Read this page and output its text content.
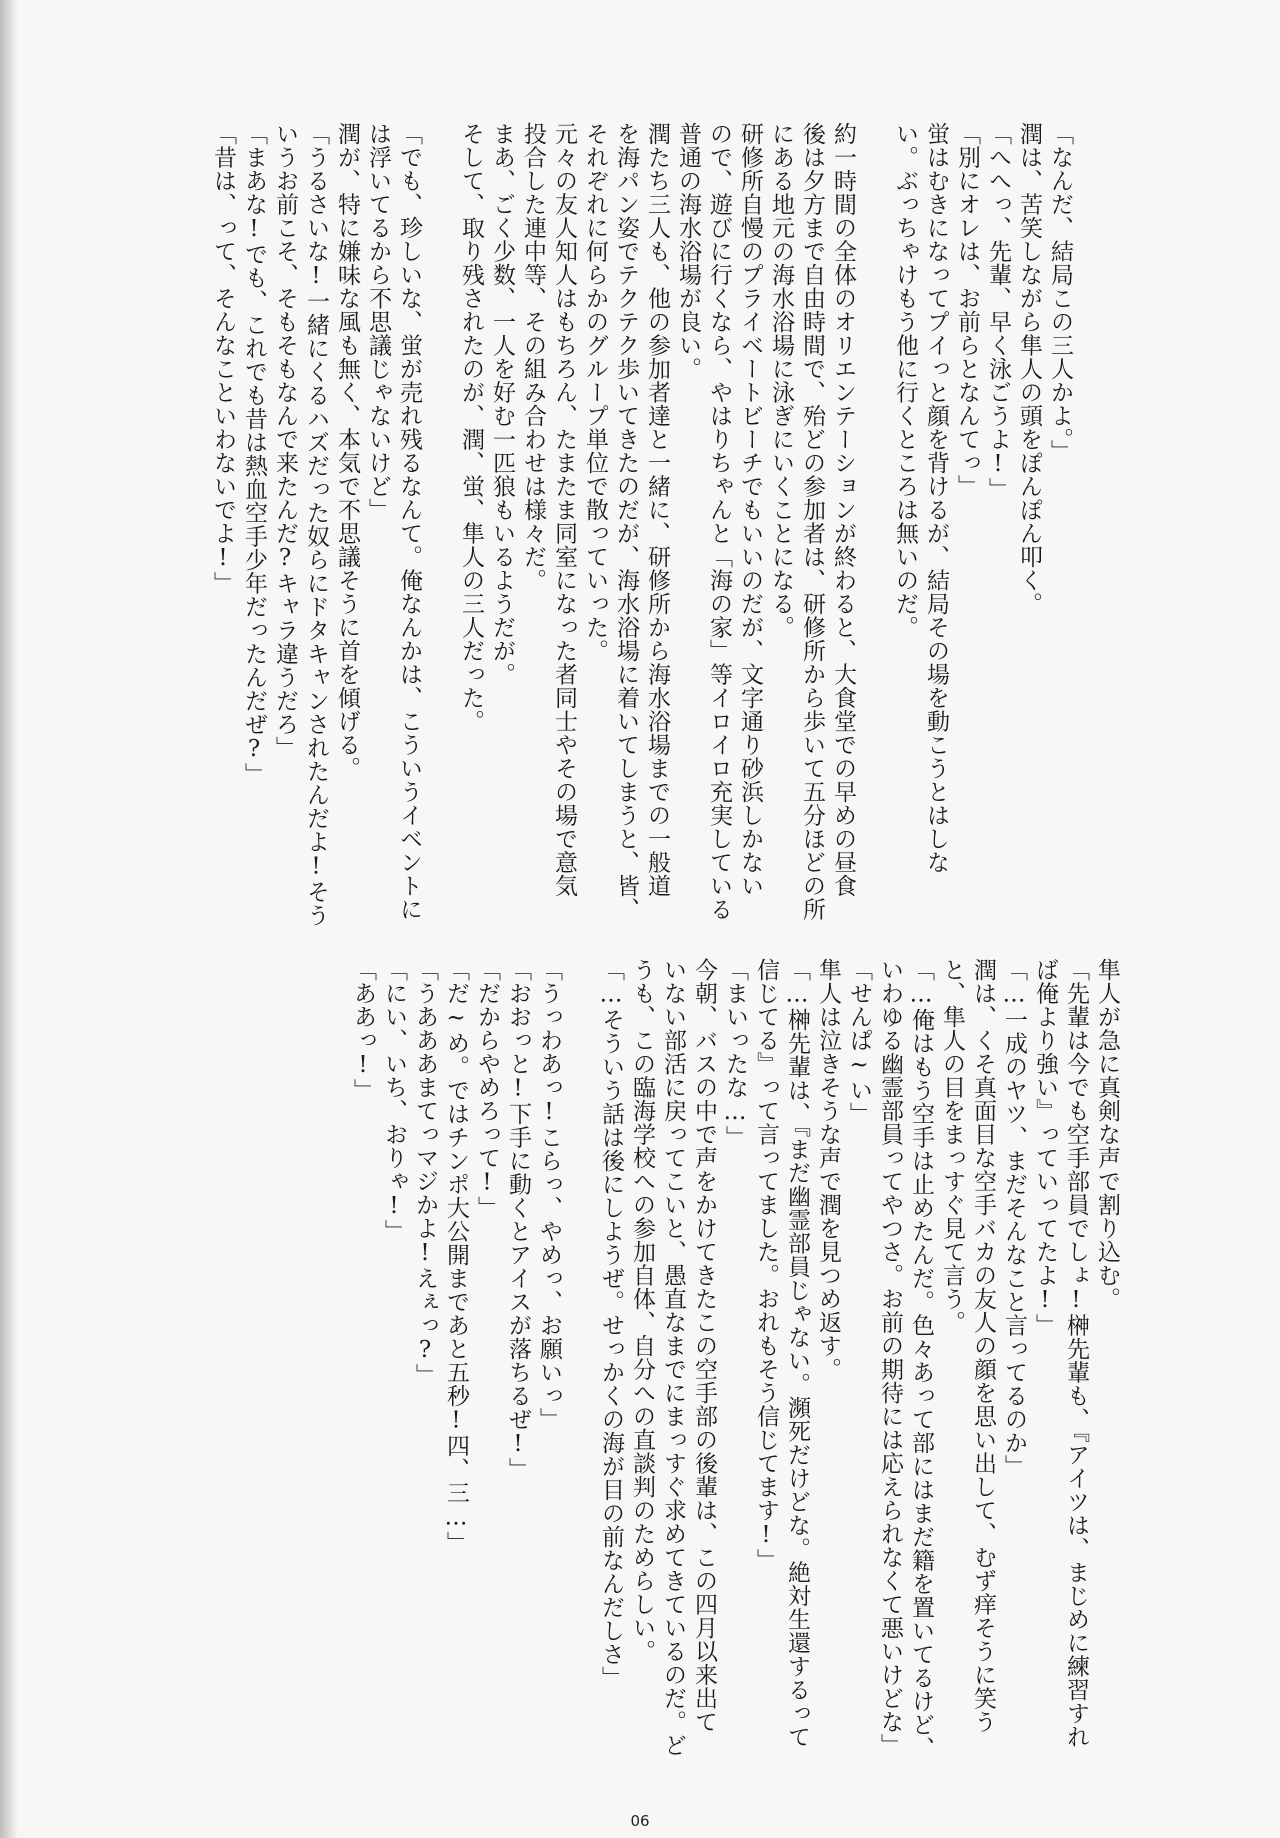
「なんだ、結局この三人かよ。」

潤は、苦笑しながら隼人の頭をぽんぽん叩く。

「へへっ、先輩、早く泳ごうよ!」

「別にオレは、お前らとなんてっ」

蛍はむきになってプイっと顔を背けるが、結局その場を動こうとはしな

い。ぶっちゃけもう他に行くところは無いのだ。

約一時間の全体のオリエンテーションが終わると、大食堂での早めの昼食

後は夕方まで自由時間で、殆どの参加者は、研修所から歩いて五分ほどの所

にある地元の海水浴場に泳ぎにいくことになる。

研修所自慢のプライベートビーチでもいいのだが、文字通り砂浜しかない

ので、遊びに行くなら、やはりちゃんと「海の家」等イロイロ充実している

普通の海水浴場が良い。

潤たち三人も、他の参加者達と一緒に、研修所から海水浴場までの一般道

を海パン姿でテクテク歩いてきたのだが、海水浴場に着いてしまうと、皆、

それぞれに何らかのグループ単位で散っていった。

元々の友人知人はもちろん、たまたま同室になった者同士やその場で意気

投合した連中等、その組み合わせは様々だ。

まあ、ごく少数、一人を好む一匹狼もいるようだが。

そして、取り残されたのが、潤、蛍、隼人の三人だった。

「でも、珍しいな、蛍が売れ残るなんて。俺なんかは、こういうイベントに

は浮いてるから不思議じゃないけど」

潤が、特に嫌味な風も無く、本気で不思議そうに首を傾げる。

「うるさいな!一緒にくるハズだった奴らにドタキャンされたんだよ!そう

いうお前こそ、そもそもなんで来たんだ?キャラ違うだろ」

「まあな!でも、これでも昔は熱血空手少年だったんだぜ?」

「昔は、って、そんなこといわないでよ!」

隼人が急に真剣な声で割り込む。

「先輩は今でも空手部員でしょ!榊先輩も、『アイツは、まじめに練習すれ

ば俺より強い』っていってたよ!」

「…一成のヤツ、まだそんなこと言ってるのか」

潤は、くそ真面目な空手バカの友人の顔を思い出して、むず痒そうに笑う

と、隼人の目をまっすぐ見て言う。

「…俺はもう空手は止めたんだ。色々あって部にはまだ籍を置いてるけど、

いわゆる幽霊部員ってやつさ。お前の期待には応えられなくて悪いけどな」

「せんぱ~い」

隼人は泣きそうな声で潤を見つめ返す。

「…榊先輩は、『まだ幽霊部員じゃない。瀕死だけどな。絶対生還するって

信じてる』って言ってました。おれもそう信じてます!」

「まいったな…」

今朝、バスの中で声をかけてきたこの空手部の後輩は、この四月以来出て

いない部活に戻ってこいと、愚直なまでにまっすぐ求めてきているのだ。ど

うも、この臨海学校への参加自体、自分への直談判のためらしい。

「…そういう話は後にしようぜ。せっかくの海が目の前なんだしさ」

「うっわあっ!こらっ、やめっ、お願いっ」

「おおっと!下手に動くとアイスが落ちるぜ!」

「だからやめろって!」

「だ~め。ではチンポ大公開まであと五秒!四、三…」

「うあああまてっマジかよ!えぇっ?」

「にい、いち、おりゃ!」

「ああっ!」

06
